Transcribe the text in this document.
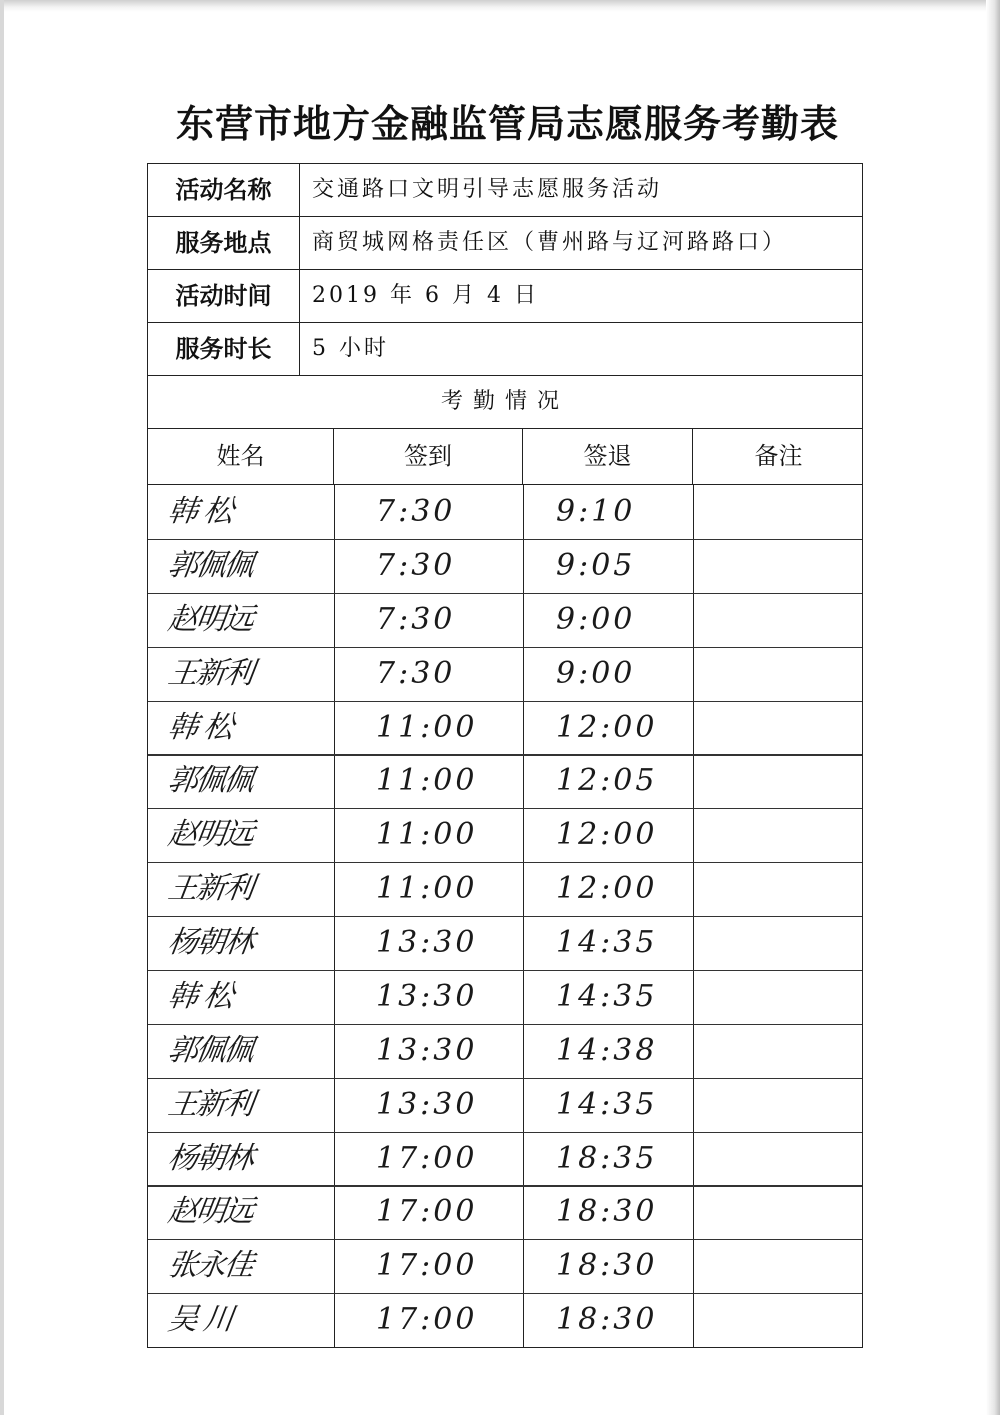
东营市地方金融监管局志愿服务考勤表
活动名称	交通路口文明引导志愿服务活动
服务地点	商贸城网格责任区（曹州路与辽河路路口）
活动时间	2019 年 6 月 4 日
服务时长	5 小时
考勤情况
姓名	签到	签退	备注
韩 松	7:30	9:10
郭佩佩	7:30	9:05
赵明远	7:30	9:00
王新利	7:30	9:00
韩 松	11:00	12:00
郭佩佩	11:00	12:05
赵明远	11:00	12:00
王新利	11:00	12:00
杨朝林	13:30	14:35
韩 松	13:30	14:35
郭佩佩	13:30	14:38
王新利	13:30	14:35
杨朝林	17:00	18:35
赵明远	17:00	18:30
张永佳	17:00	18:30
吴 川	17:00	18:30
